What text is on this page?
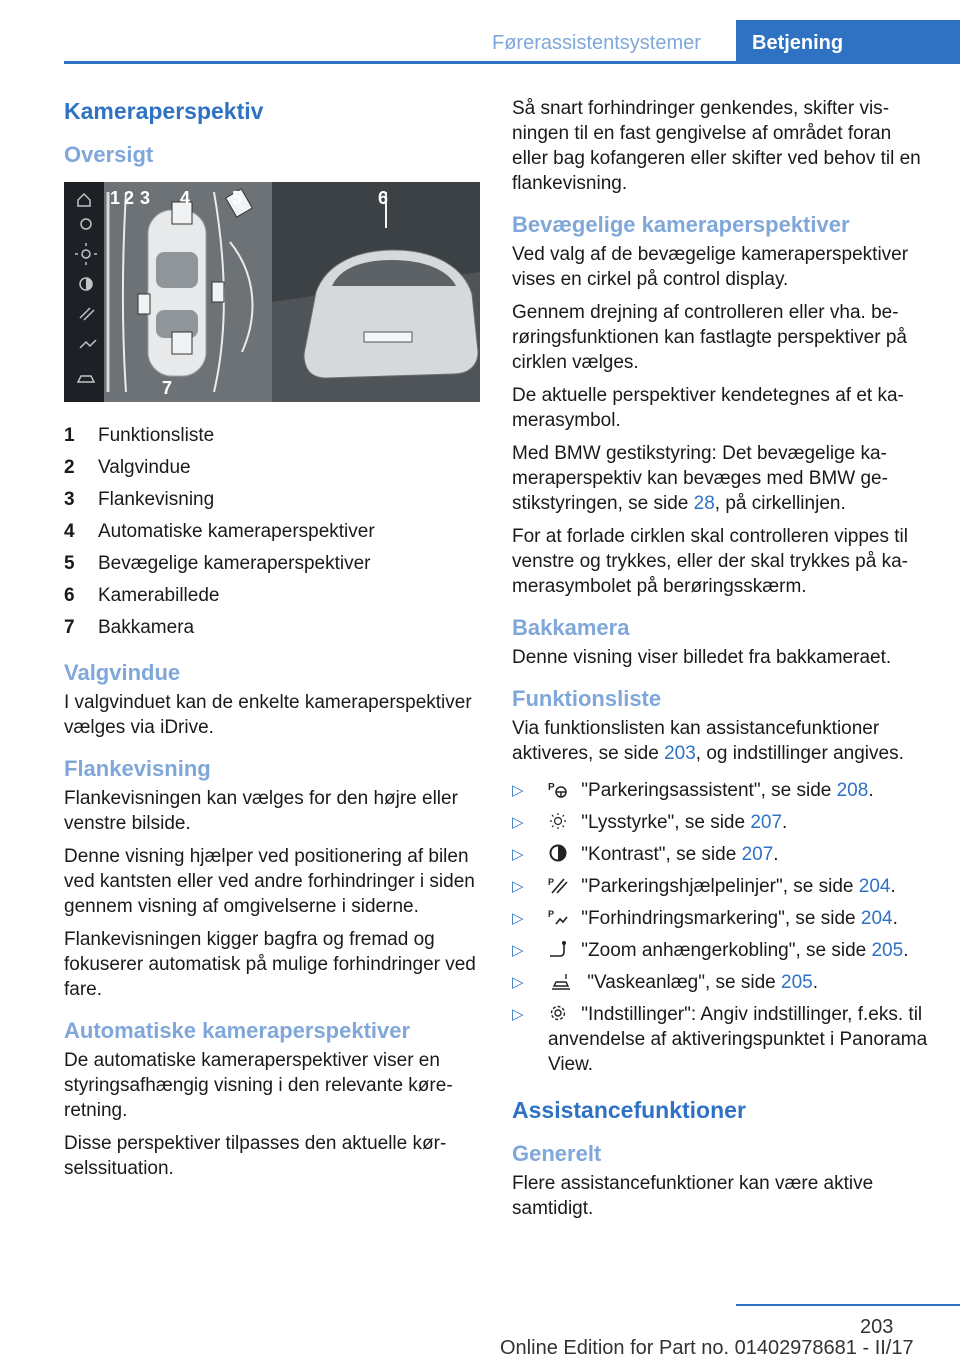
Førerassistentsystemer	Betjening
Kameraperspektiv
Oversigt
1 2 3 4 5	6
7
1	Funktionsliste
2	Valgvindue
3	Flankevisning
4	Automatiske kameraperspektiver
5	Bevægelige kameraperspektiver
6	Kamerabillede
7	Bakkamera
Valgvindue

I valgvinduet kan de enkelte kameraperspektiver vælges via iDrive.

Flankevisning

Flankevisningen kan vælges for den højre eller venstre bilside.

Denne visning hjælper ved positionering af bilen ved kantsten eller ved andre forhindringer i siden gennem visning af omgivelserne i siderne.

Flankevisningen kigger bagfra og fremad og fokuserer automatisk på mulige forhindringer ved fare.

Automatiske kameraperspektiver

De automatiske kameraperspektiver viser en styringsafhængig visning i den relevante køreretning.

Disse perspektiver tilpasses den aktuelle kørselssituation.

Så snart forhindringer genkendes, skifter visningen til en fast gengivelse af området foran eller bag kofangeren eller skifter ved behov til en flankevisning.

Bevægelige kameraperspektiver

Ved valg af de bevægelige kameraperspektiver vises en cirkel på control display.

Gennem drejning af controlleren eller vha. berøringsfunktionen kan fastlagte perspektiver på cirklen vælges.

De aktuelle perspektiver kendetegnes af et kamerasymbol.

Med BMW gestikstyring: Det bevægelige kameraperspektiv kan bevæges med BMW gestikstyringen, se side 28, på cirkellinjen.

For at forlade cirklen skal controlleren vippes til venstre og trykkes, eller der skal trykkes på kamerasymbolet på berøringsskærm.

Bakkamera

Denne visning viser billedet fra bakkameraet.

Funktionsliste

Via funktionslisten kan assistancefunktioner aktiveres, se side 203, og indstillinger angives.

▷ P "Parkeringsassistent", se side 208.
▷	"Lysstyrke", se side 207.
▷	"Kontrast", se side 207.
▷	P "Parkeringshjælpelinjer", se side 204.
▷	P "Forhindringsmarkering", se side 204.
▷	"Zoom anhængerkobling", se side 205.
▷	"Vaskeanlæg", se side 205.
▷	"Indstillinger": Angiv indstillinger, f.eks. til anvendelse af aktiveringspunktet i Panorama View.
Assistancefunktioner
Generelt

Flere assistancefunktioner kan være aktive samtidigt.

203
Online Edition for Part no. 01402978681 - II/17
